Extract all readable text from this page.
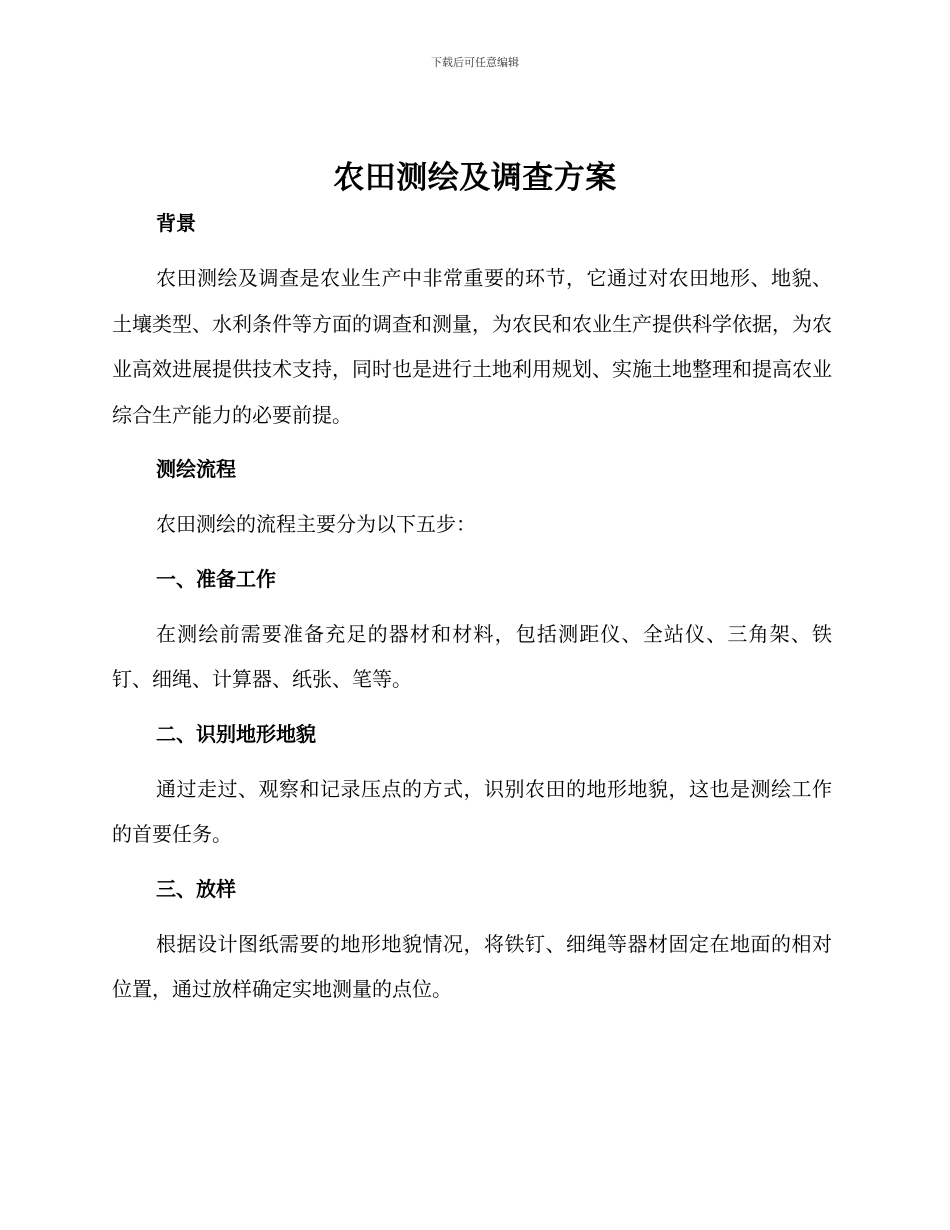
下载后可任意编辑
农田测绘及调查方案

背景

农田测绘及调查是农业生产中非常重要的环节，它通过对农田地形、地貌、土壤类型、水利条件等方面的调查和测量，为农民和农业生产提供科学依据，为农业高效进展提供技术支持，同时也是进行土地利用规划、实施土地整理和提高农业综合生产能力的必要前提。

测绘流程

农田测绘的流程主要分为以下五步：

一、准备工作

在测绘前需要准备充足的器材和材料，包括测距仪、全站仪、三角架、铁钉、细绳、计算器、纸张、笔等。

二、识别地形地貌

通过走过、观察和记录压点的方式，识别农田的地形地貌，这也是测绘工作的首要任务。

三、放样

根据设计图纸需要的地形地貌情况，将铁钉、细绳等器材固定在地面的相对位置，通过放样确定实地测量的点位。
